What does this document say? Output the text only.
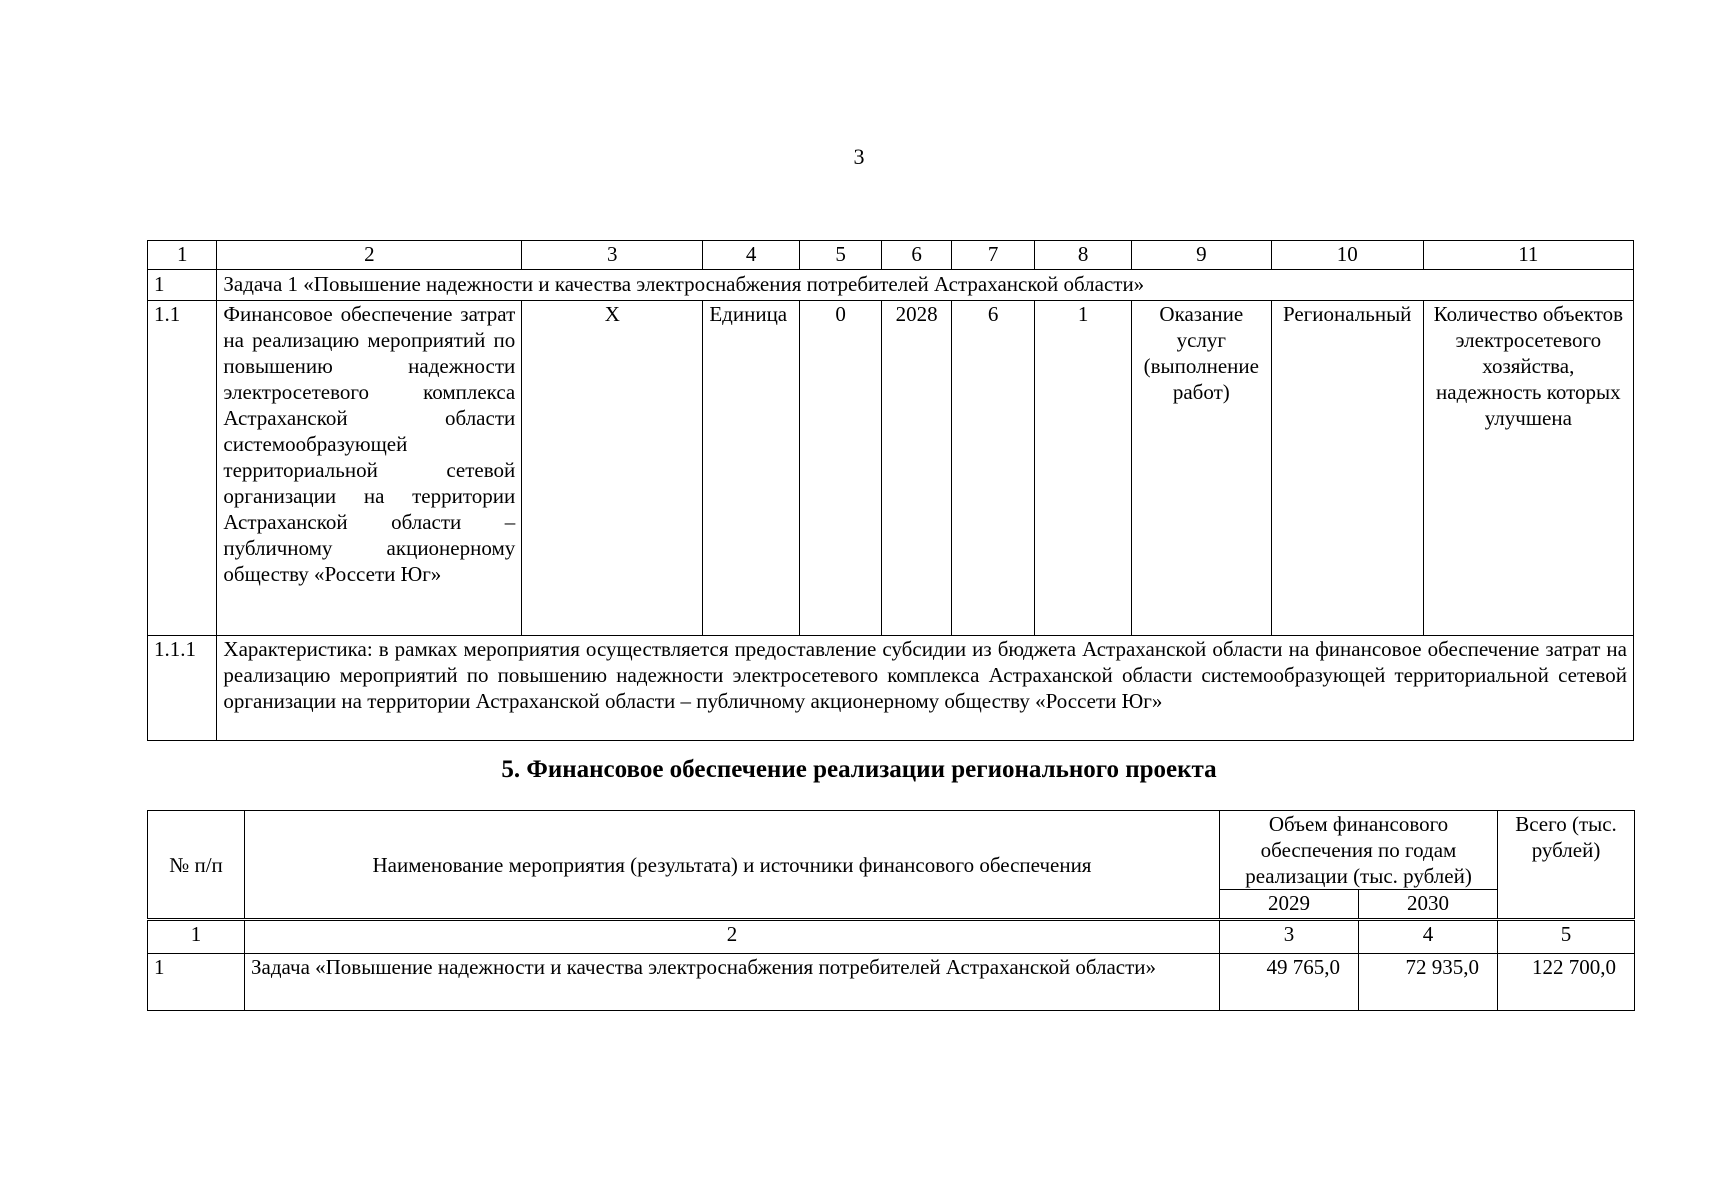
3
1	2	3	4	5	6	7	8	9	10	11
1	Задача 1 «Повышение надежности и качества электроснабжения потребителей Астраханской области»									
1.1	Финансовое обеспечение затрат на реализацию мероприятий по повышению надежности электросетевого комплекса Астраханской области системообразующей территориальной сетевой организации на территории Астраханской области – публичному акционерному обществу «Россети Юг»	Х	Единица	0	2028	6	1	Оказание услуг (выполнение работ)	Региональный	Количество объектов электросетевого хозяйства, надежность которых улучшена
1.1.1	Характеристика: в рамках мероприятия осуществляется предоставление субсидии из бюджета Астраханской области на финансовое обеспечение затрат на реализацию мероприятий по повышению надежности электросетевого комплекса Астраханской области системообразующей территориальной сетевой организации на территории Астраханской области – публичному акционерному обществу «Россети Юг»									
5. Финансовое обеспечение реализации регионального проекта
№ п/п	Наименование мероприятия (результата) и источники финансового обеспечения	Объем финансового обеспечения по годам реализации (тыс. рублей)		Всего (тыс. рублей)
		2029	2030	
1	2	3	4	5
1	Задача «Повышение надежности и качества электроснабжения потребителей Астраханской области»	49 765,0	72 935,0	122 700,0
